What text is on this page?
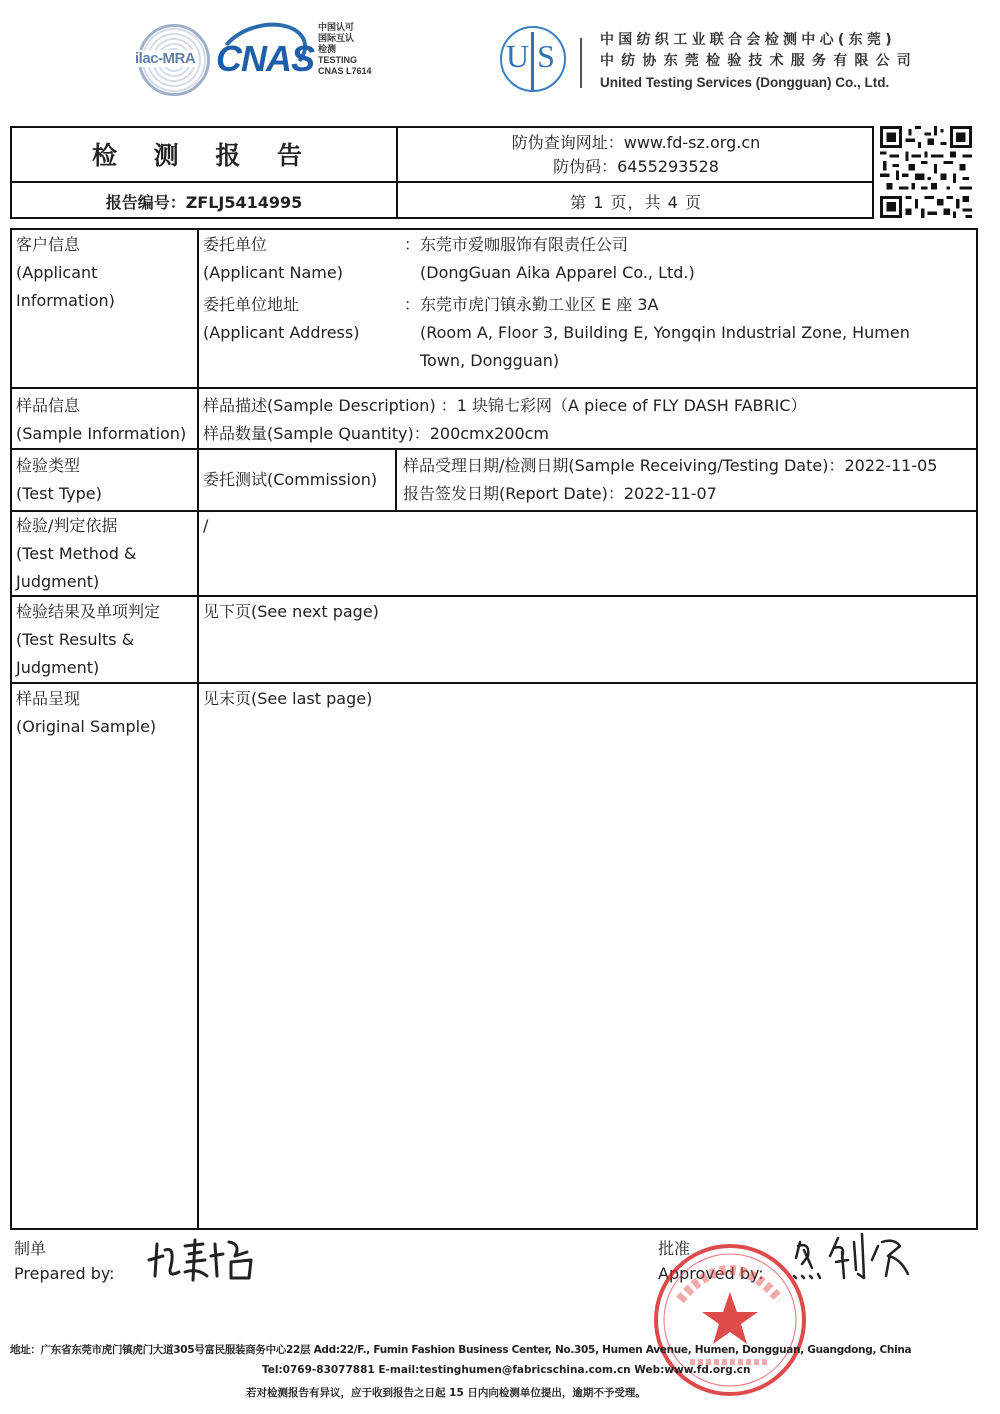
ilac-MRA CNAS
中国认可
国际互认
检测
TESTING
CNAS L7614	US	中国纺织工业联合会检测中心(东莞)
中纺协东莞检验技术服务有限公司
United Testing Services (Dongguan) Co., Ltd.
检 测 报 告
报告编号：ZFLJ5414995
防伪查询网址：www.fd-sz.org.cn
防伪码：6455293528
第 1 页，共 4 页
客户信息
(Applicant
Information)
委托单位
(Applicant Name)
：东莞市爱咖服饰有限责任公司
(DongGuan Aika Apparel Co., Ltd.)
委托单位地址
(Applicant Address)
：东莞市虎门镇永勤工业区 E 座 3A
(Room A, Floor 3, Building E, Yongqin Industrial Zone, Humen
Town, Dongguan)
样品信息
(Sample Information)
样品描述(Sample Description) ：1 块锦七彩网（A piece of FLY DASH FABRIC）
样品数量(Sample Quantity)：200cmx200cm
检验类型
(Test Type)
委托测试(Commission)
样品受理日期/检测日期(Sample Receiving/Testing Date)：2022-11-05
报告签发日期(Report Date)：2022-11-07
检验/判定依据
(Test Method &
Judgment)
/
检验结果及单项判定
(Test Results &
Judgment)
见下页(See next page)
样品呈现
(Original Sample)
见末页(See last page)
制单
Prepared by:
批准
Approved by:
地址：广东省东莞市虎门镇虎门大道305号富民服装商务中心22层 Add:22/F., Fumin Fashion Business Center, No.305, Humen Avenue, Humen, Dongguan, Guangdong, China
Tel:0769-83077881 E-mail:testinghumen@fabricschina.com.cn Web:www.fd.org.cn
若对检测报告有异议，应于收到报告之日起 15 日内向检测单位提出，逾期不予受理。
